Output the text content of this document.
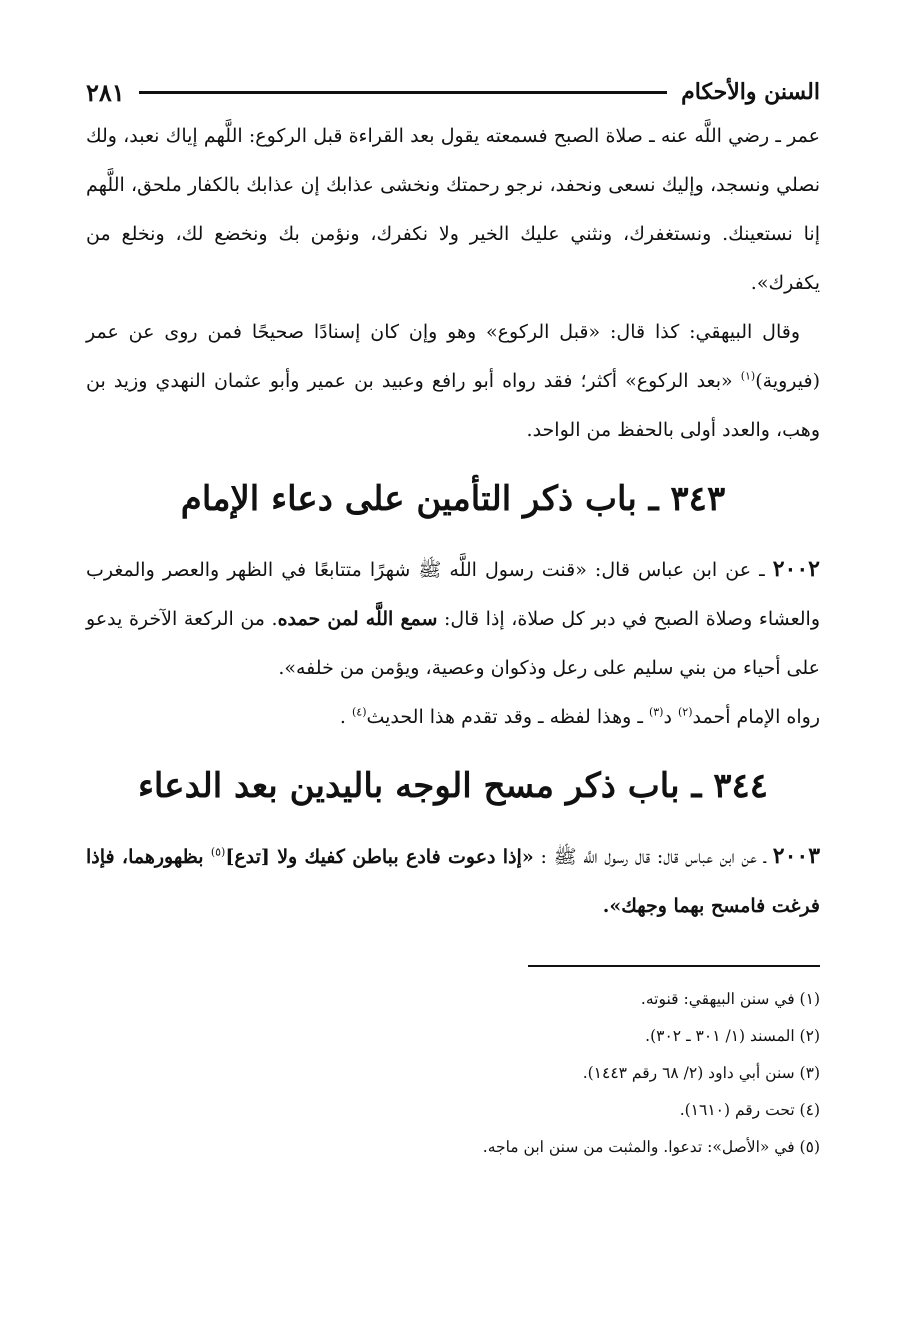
السنن والأحكام
٢٨١

عمر ـ رضي اللَّه عنه ـ صلاة الصبح فسمعته يقول بعد القراءة قبل الركوع: اللَّهم إياك نعبد، ولك نصلي ونسجد، وإليك نسعى ونحفد، نرجو رحمتك ونخشى عذابك إن عذابك بالكفار ملحق، اللَّهم إنا نستعينك. ونستغفرك، ونثني عليك الخير ولا نكفرك، ونؤمن بك ونخضع لك، ونخلع من يكفرك».

وقال البيهقي: كذا قال: «قبل الركوع» وهو وإن كان إسنادًا صحيحًا فمن روى عن عمر (فيروية)$^{(١)}$ «بعد الركوع» أكثر؛ فقد رواه أبو رافع وعبيد بن عمير وأبو عثمان النهدي وزيد بن وهب، والعدد أولى بالحفظ من الواحد.

٣٤٣ ـ باب ذكر التأمين على دعاء الإمام

٢٠٠٢ ـ عن ابن عباس قال: «قنت رسول اللَّه ﷺ شهرًا متتابعًا في الظهر والعصر والمغرب والعشاء وصلاة الصبح في دبر كل صلاة، إذا قال: سمع اللَّه لمن حمده. من الركعة الآخرة يدعو على أحياء من بني سليم على رعل وذكوان وعصية، ويؤمن من خلفه».

رواه الإمام أحمد$^{(٢)}$ د$^{(٣)}$ ـ وهذا لفظه ـ وقد تقدم هذا الحديث$^{(٤)}$ .

٣٤٤ ـ باب ذكر مسح الوجه باليدين بعد الدعاء

٢٠٠٣ ـ عن ابن عباس قال: قال رسول اللَّه ﷺ : «إذا دعوت فادع بباطن كفيك ولا [تدع]$^{(٥)}$ بظهورهما، فإذا فرغت فامسح بهما وجهك».

(١) في سنن البيهقي: قنوته.
(٢) المسند (١/ ٣٠١ ـ ٣٠٢).
(٣) سنن أبي داود (٢/ ٦٨ رقم ١٤٤٣).
(٤) تحت رقم (١٦١٠).
(٥) في «الأصل»: تدعوا. والمثبت من سنن ابن ماجه.
